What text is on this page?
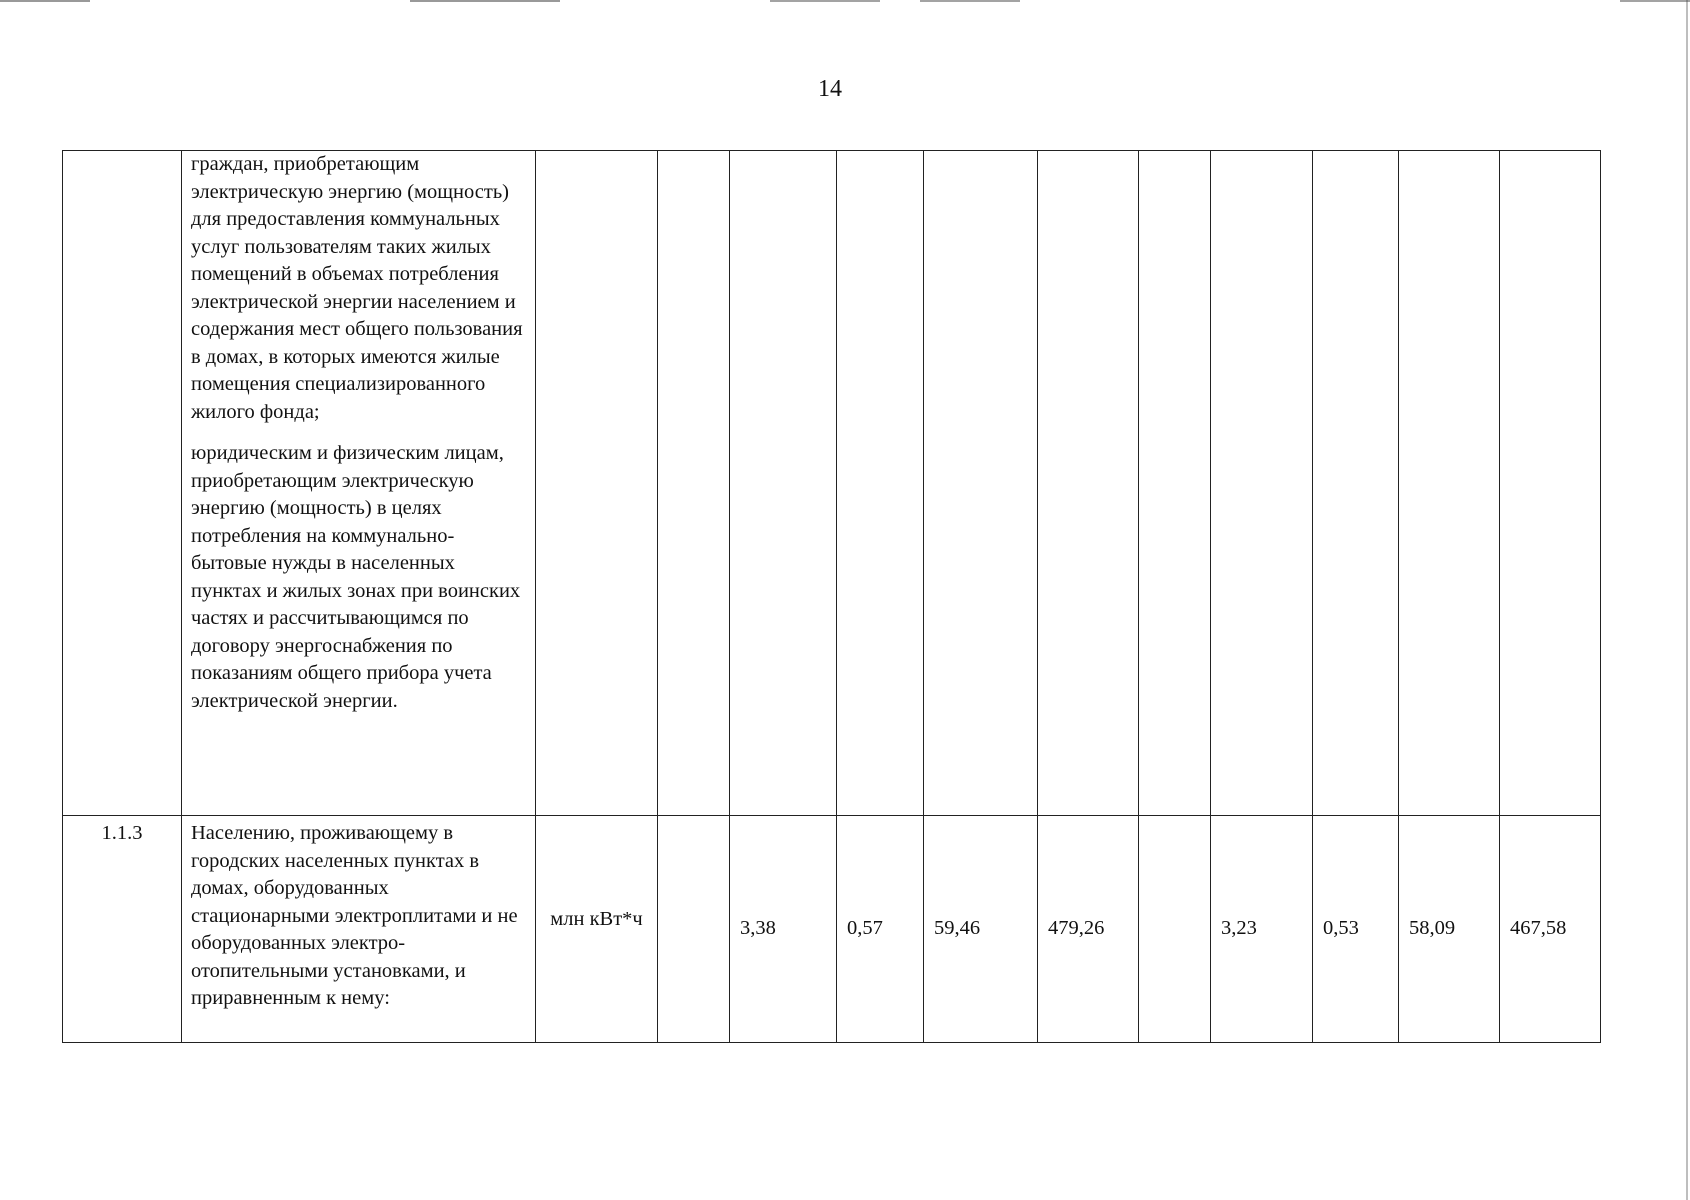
14

	граждан, приобретающим электрическую энергию (мощность) для предоставления коммунальных услуг пользователям таких жилых помещений в объемах потребления электрической энергии населением и содержания мест общего пользования в домах, в которых имеются жилые помещения специализированного жилого фонда;

юридическим и физическим лицам, приобретающим электрическую энергию (мощность) в целях потребления на коммунально-бытовые нужды в населенных пунктах и жилых зонах при воинских частях и рассчитывающимся по договору энергоснабжения по показаниям общего прибора учета электрической энергии.											

1.1.3	Населению, проживающему в городских населенных пунктах в домах, оборудованных стационарными электроплитами и не оборудованных электро-отопительными установками, и приравненным к нему:	млн кВт*ч		3,38	0,57	59,46	479,26		3,23	0,53	58,09	467,58
